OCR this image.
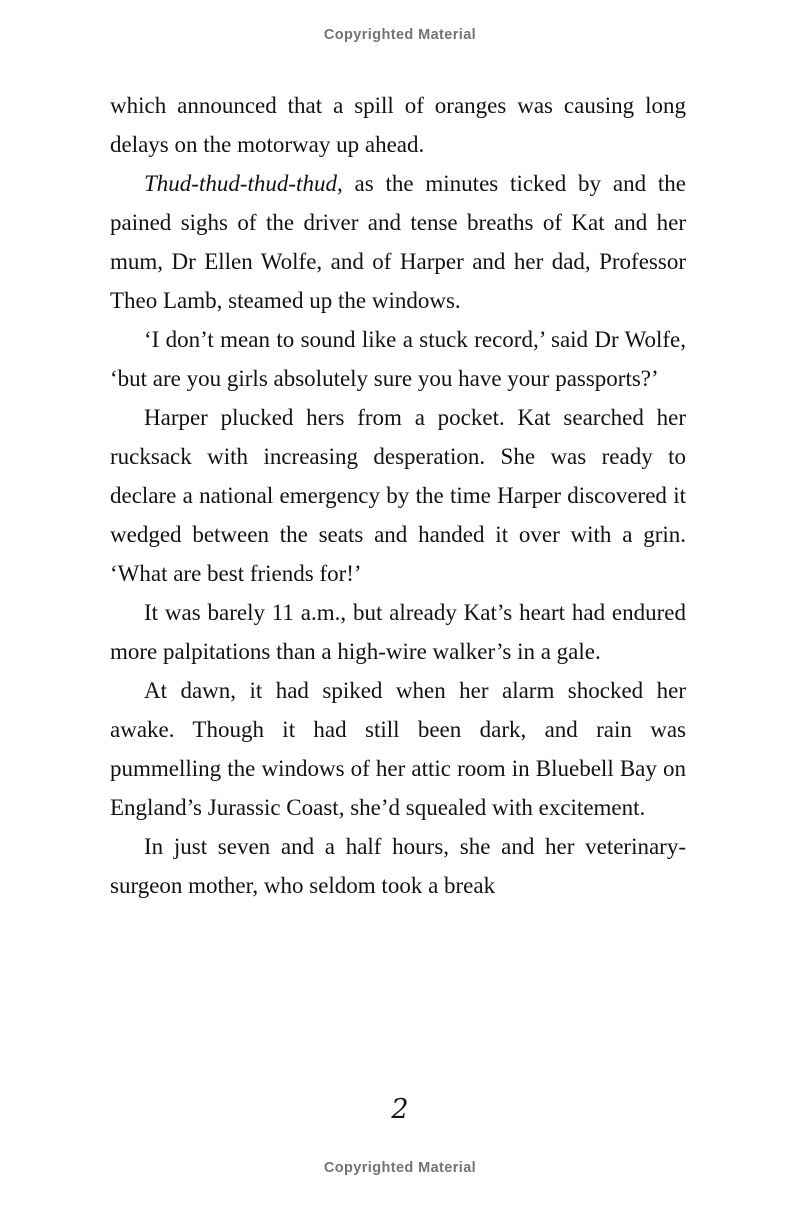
Copyrighted Material

which announced that a spill of oranges was causing long delays on the motorway up ahead.

Thud-thud-thud-thud, as the minutes ticked by and the pained sighs of the driver and tense breaths of Kat and her mum, Dr Ellen Wolfe, and of Harper and her dad, Professor Theo Lamb, steamed up the windows.

‘I don’t mean to sound like a stuck record,’ said Dr Wolfe, ‘but are you girls absolutely sure you have your passports?’

Harper plucked hers from a pocket. Kat searched her rucksack with increasing desperation. She was ready to declare a national emergency by the time Harper discovered it wedged between the seats and handed it over with a grin. ‘What are best friends for!’

It was barely 11 a.m., but already Kat’s heart had endured more palpitations than a high-wire walker’s in a gale.

At dawn, it had spiked when her alarm shocked her awake. Though it had still been dark, and rain was pummelling the windows of her attic room in Bluebell Bay on England’s Jurassic Coast, she’d squealed with excitement.

In just seven and a half hours, she and her veterinary-surgeon mother, who seldom took a break

2
Copyrighted Material
